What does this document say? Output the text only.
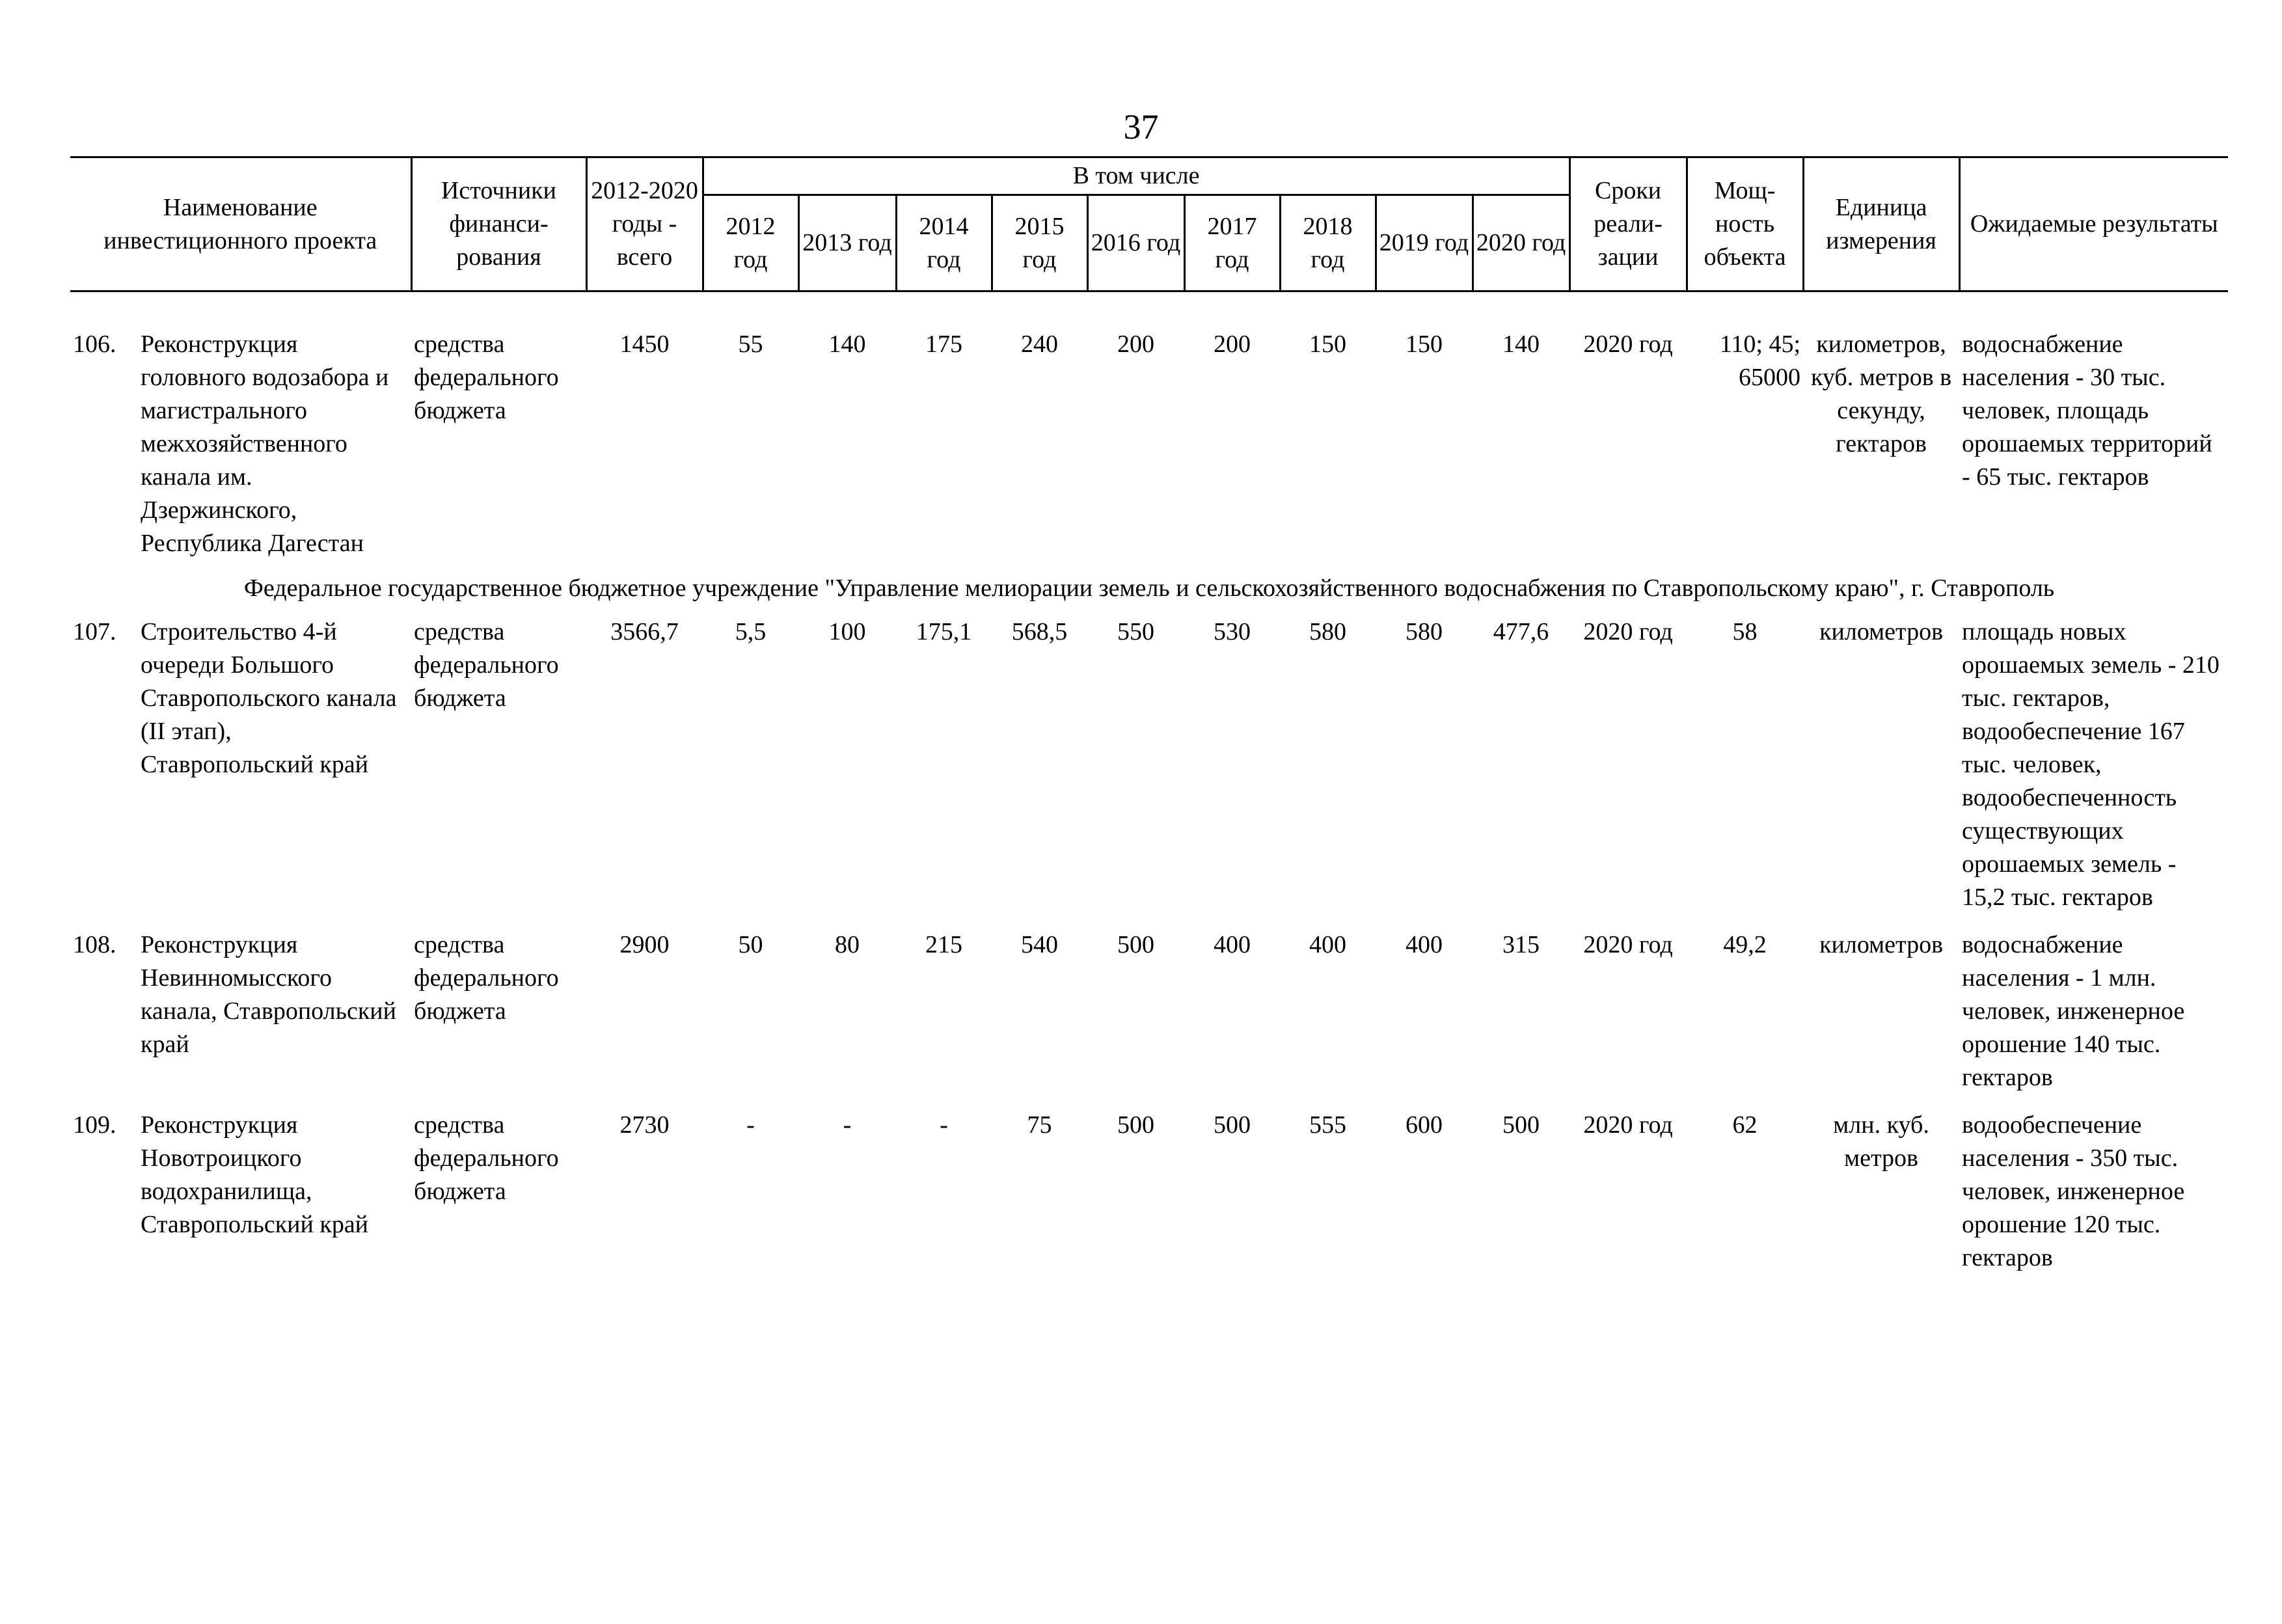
37
Наименование инвестиционного проекта	Источники финанси-рования	2012-2020 годы - всего	В том числе									Сроки реали-зации	Мощ-ность объекта	Единица измерения	Ожидаемые результаты
			2012 год	2013 год	2014 год	2015 год	2016 год	2017 год	2018 год	2019 год	2020 год				

106. Реконструкция головного водозабора и магистрального межхозяйственного канала им. Дзержинского, Республика Дагестан	средства федерального бюджета	1450	55	140	175	240	200	200	150	150	140	2020 год	110; 45; 65000	километров, куб. метров в секунду, гектаров	водоснабжение населения - 30 тыс. человек, площадь орошаемых территорий - 65 тыс. гектаров
Федеральное государственное бюджетное учреждение "Управление мелиорации земель и сельскохозяйственного водоснабжения по Ставропольскому краю", г. Ставрополь															

107. Строительство 4-й очереди Большого Ставропольского канала (II этап), Ставропольский край	средства федерального бюджета	3566,7	5,5	100	175,1	568,5	550	530	580	580	477,6	2020 год	58	километров	площадь новых орошаемых земель - 210 тыс. гектаров, водообеспечение 167 тыс. человек, водообеспеченность существующих орошаемых земель - 15,2 тыс. гектаров

108. Реконструкция Невинномысского канала, Ставропольский край	средства федерального бюджета	2900	50	80	215	540	500	400	400	400	315	2020 год	49,2	километров	водоснабжение населения - 1 млн. человек, инженерное орошение 140 тыс. гектаров

109. Реконструкция Новотроицкого водохранилища, Ставропольский край	средства федерального бюджета	2730	-	-	-	75	500	500	555	600	500	2020 год	62	млн. куб. метров	водообеспечение населения - 350 тыс. человек, инженерное орошение 120 тыс. гектаров
